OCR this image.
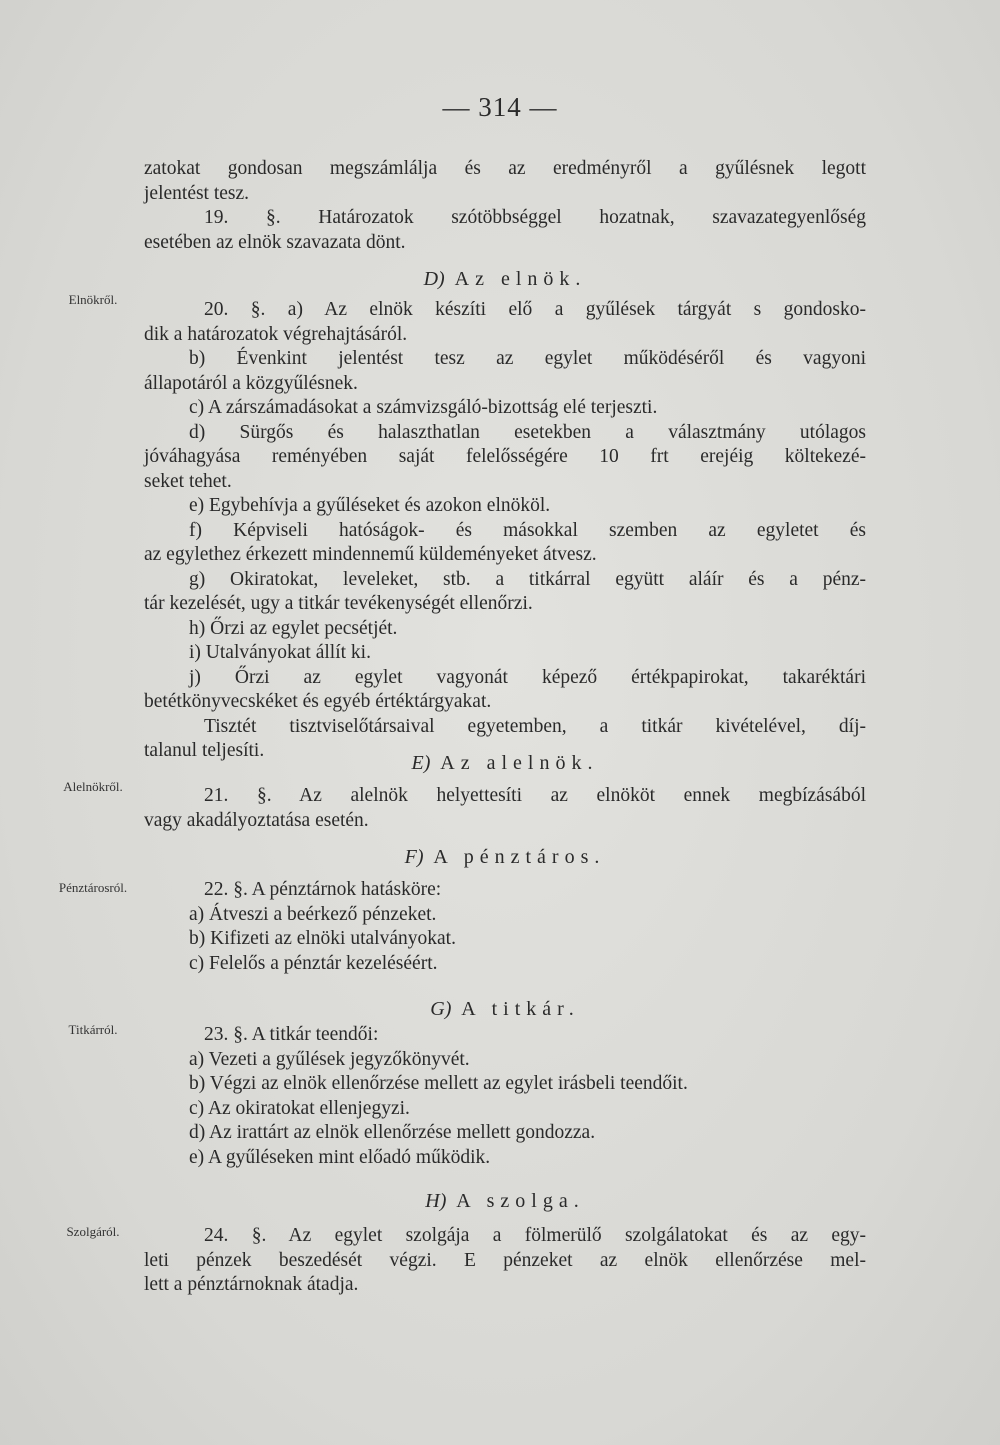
— 314 —
Elnökről.
Alelnökről.
Pénztárosról.
Titkárról.
Szolgáról.
zatokat gondosan megszámlálja és az eredményről a gyűlésnek legott
jelentést tesz.
19. §. Határozatok szótöbbséggel hozatnak, szavazategyenlőség
esetében az elnök szavazata dönt.
D) Az elnök.
20. §. a) Az elnök készíti elő a gyűlések tárgyát s gondosko-
dik a határozatok végrehajtásáról.
b) Évenkint jelentést tesz az egylet működéséről és vagyoni
állapotáról a közgyűlésnek.
c) A zárszámadásokat a számvizsgáló-bizottság elé terjeszti.
d) Sürgős és halaszthatlan esetekben a választmány utólagos
jóváhagyása reményében saját felelősségére 10 frt erejéig költekezé-
seket tehet.
e) Egybehívja a gyűléseket és azokon elnököl.
f) Képviseli hatóságok- és másokkal szemben az egyletet és
az egylethez érkezett mindennemű küldeményeket átvesz.
g) Okiratokat, leveleket, stb. a titkárral együtt aláír és a pénz-
tár kezelését, ugy a titkár tevékenységét ellenőrzi.
h) Őrzi az egylet pecsétjét.
i) Utalványokat állít ki.
j) Őrzi az egylet vagyonát képező értékpapirokat, takaréktári
betétkönyvecskéket és egyéb értéktárgyakat.
Tisztét tisztviselőtársaival egyetemben, a titkár kivételével, díj-
talanul teljesíti.
E) Az alelnök.
21. §. Az alelnök helyettesíti az elnököt ennek megbízásából
vagy akadályoztatása esetén.
F) A pénztáros.
22. §. A pénztárnok hatásköre:
a) Átveszi a beérkező pénzeket.
b) Kifizeti az elnöki utalványokat.
c) Felelős a pénztár kezeléséért.
G) A titkár.
23. §. A titkár teendői:
a) Vezeti a gyűlések jegyzőkönyvét.
b) Végzi az elnök ellenőrzése mellett az egylet irásbeli teendőit.
c) Az okiratokat ellenjegyzi.
d) Az irattárt az elnök ellenőrzése mellett gondozza.
e) A gyűléseken mint előadó működik.
H) A szolga.
24. §. Az egylet szolgája a fölmerülő szolgálatokat és az egy-
leti pénzek beszedését végzi. E pénzeket az elnök ellenőrzése mel-
lett a pénztárnoknak átadja.
